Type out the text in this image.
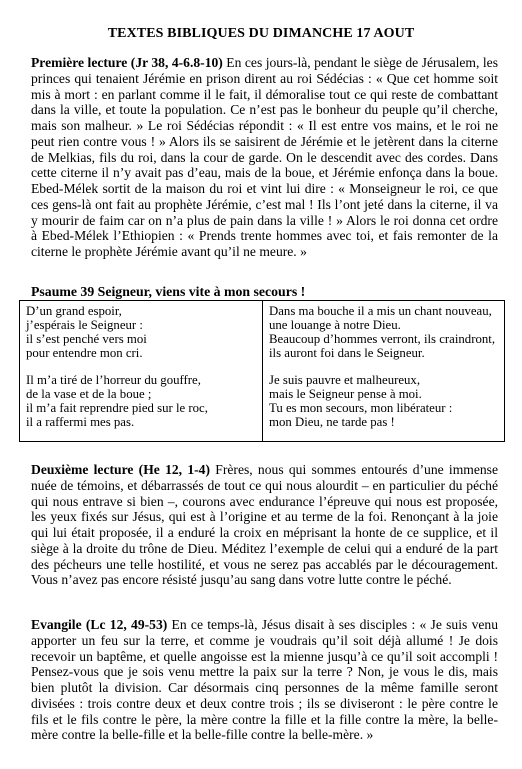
TEXTES BIBLIQUES DU DIMANCHE 17 AOUT
Première lecture (Jr 38, 4-6.8-10) En ces jours-là, pendant le siège de Jérusalem, les princes qui tenaient Jérémie en prison dirent au roi Sédécias : « Que cet homme soit mis à mort : en parlant comme il le fait, il démoralise tout ce qui reste de combattant dans la ville, et toute la population. Ce n’est pas le bonheur du peuple qu’il cherche, mais son malheur. » Le roi Sédécias répondit : « Il est entre vos mains, et le roi ne peut rien contre vous ! » Alors ils se saisirent de Jérémie et le jetèrent dans la citerne de Melkias, fils du roi, dans la cour de garde. On le descendit avec des cordes. Dans cette citerne il n’y avait pas d’eau, mais de la boue, et Jérémie enfonça dans la boue. Ebed-Mélek sortit de la maison du roi et vint lui dire : « Monseigneur le roi, ce que ces gens-là ont fait au prophète Jérémie, c’est mal ! Ils l’ont jeté dans la citerne, il va y mourir de faim car on n’a plus de pain dans la ville ! » Alors le roi donna cet ordre à Ebed-Mélek l’Ethiopien : « Prends trente hommes avec toi, et fais remonter de la citerne le prophète Jérémie avant qu’il ne meure. »
Psaume 39 Seigneur, viens vite à mon secours !

D’un grand espoir,
j’espérais le Seigneur :
il s’est penché vers moi
pour entendre mon cri.

Il m’a tiré de l’horreur du gouffre,
de la vase et de la boue ;
il m’a fait reprendre pied sur le roc,
il a raffermi mes pas.

Dans ma bouche il a mis un chant nouveau,
une louange à notre Dieu.
Beaucoup d’hommes verront, ils craindront,
ils auront foi dans le Seigneur.

Je suis pauvre et malheureux,
mais le Seigneur pense à moi.
Tu es mon secours, mon libérateur :
mon Dieu, ne tarde pas !

Deuxième lecture (He 12, 1-4) Frères, nous qui sommes entourés d’une immense nuée de témoins, et débarrassés de tout ce qui nous alourdit – en particulier du péché qui nous entrave si bien –, courons avec endurance l’épreuve qui nous est proposée, les yeux fixés sur Jésus, qui est à l’origine et au terme de la foi. Renonçant à la joie qui lui était proposée, il a enduré la croix en méprisant la honte de ce supplice, et il siège à la droite du trône de Dieu. Méditez l’exemple de celui qui a enduré de la part des pécheurs une telle hostilité, et vous ne serez pas accablés par le découragement. Vous n’avez pas encore résisté jusqu’au sang dans votre lutte contre le péché.
Evangile (Lc 12, 49-53) En ce temps-là, Jésus disait à ses disciples : « Je suis venu apporter un feu sur la terre, et comme je voudrais qu’il soit déjà allumé ! Je dois recevoir un baptême, et quelle angoisse est la mienne jusqu’à ce qu’il soit accompli ! Pensez-vous que je sois venu mettre la paix sur la terre ? Non, je vous le dis, mais bien plutôt la division. Car désormais cinq personnes de la même famille seront divisées : trois contre deux et deux contre trois ; ils se diviseront : le père contre le fils et le fils contre le père, la mère contre la fille et la fille contre la mère, la belle-mère contre la belle-fille et la belle-fille contre la belle-mère. »
